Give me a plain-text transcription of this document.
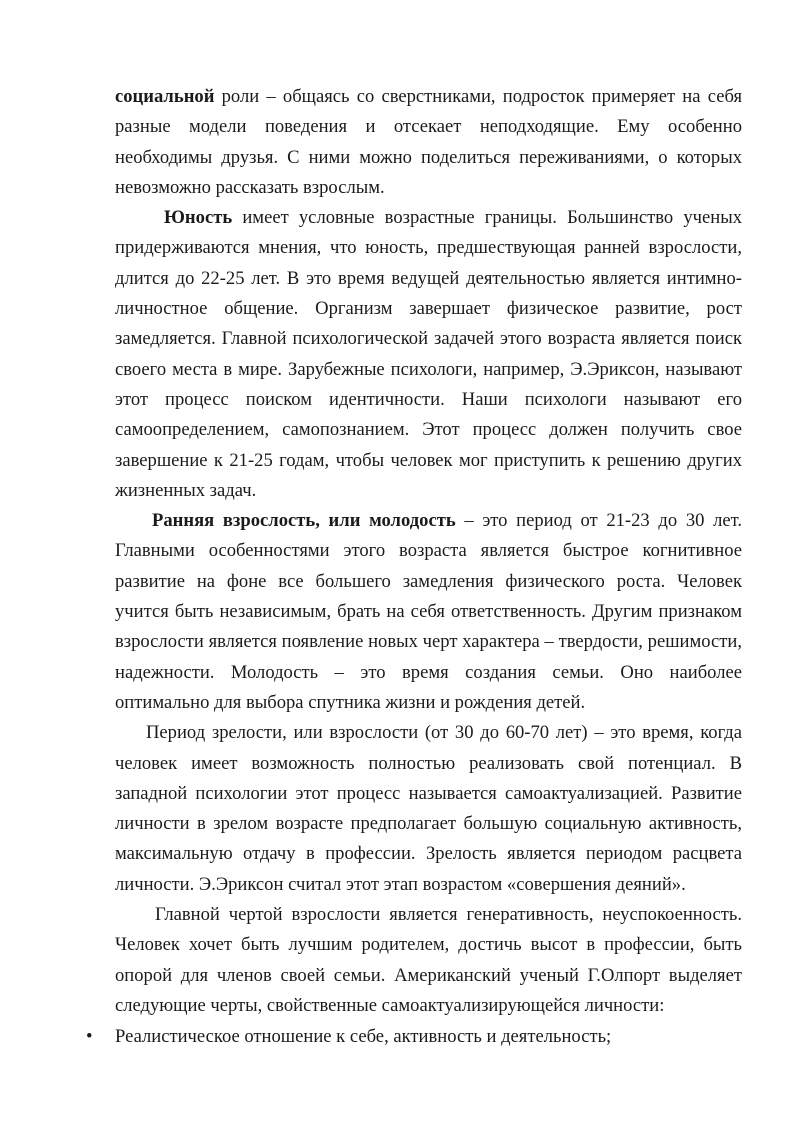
социальной роли – общаясь со сверстниками, подросток примеряет на себя разные модели поведения и отсекает неподходящие. Ему особенно необходимы друзья. С ними можно поделиться переживаниями, о которых невозможно рассказать взрослым.

Юность имеет условные возрастные границы. Большинство ученых придерживаются мнения, что юность, предшествующая ранней взрослости, длится до 22-25 лет. В это время ведущей деятельностью является интимно-личностное общение. Организм завершает физическое развитие, рост замедляется. Главной психологической задачей этого возраста является поиск своего места в мире. Зарубежные психологи, например, Э.Эриксон, называют этот процесс поиском идентичности. Наши психологи называют его самоопределением, самопознанием. Этот процесс должен получить свое завершение к 21-25 годам, чтобы человек мог приступить к решению других жизненных задач.

Ранняя взрослость, или молодость – это период от 21-23 до 30 лет. Главными особенностями этого возраста является быстрое когнитивное развитие на фоне все большего замедления физического роста. Человек учится быть независимым, брать на себя ответственность. Другим признаком взрослости является появление новых черт характера – твердости, решимости, надежности. Молодость – это время создания семьи. Оно наиболее оптимально для выбора спутника жизни и рождения детей.

Период зрелости, или взрослости (от 30 до 60-70 лет) – это время, когда человек имеет возможность полностью реализовать свой потенциал. В западной психологии этот процесс называется самоактуализацией. Развитие личности в зрелом возрасте предполагает большую социальную активность, максимальную отдачу в профессии. Зрелость является периодом расцвета личности. Э.Эриксон считал этот этап возрастом «совершения деяний».

Главной чертой взрослости является генеративность, неуспокоенность. Человек хочет быть лучшим родителем, достичь высот в профессии, быть опорой для членов своей семьи. Американский ученый Г.Олпорт выделяет следующие черты, свойственные самоактуализирующейся личности:

• Реалистическое отношение к себе, активность и деятельность;
